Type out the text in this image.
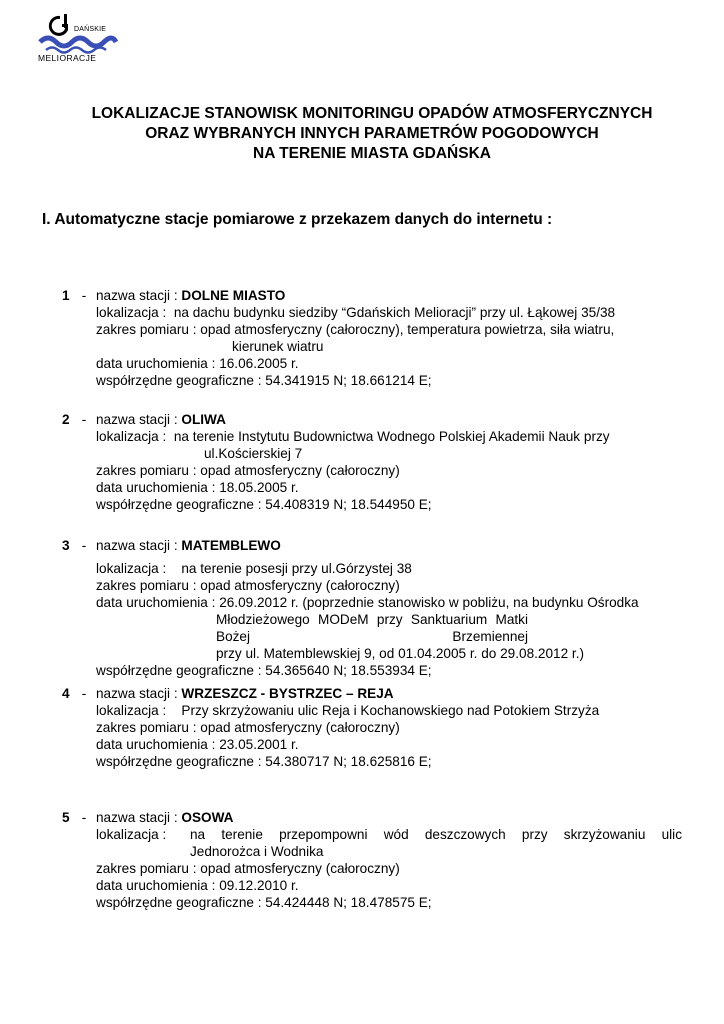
DAŃSKIE
MELIORACJE
LOKALIZACJE STANOWISK MONITORINGU OPADÓW ATMOSFERYCZNYCH
ORAZ WYBRANYCH INNYCH PARAMETRÓW POGODOWYCH
NA TERENIE MIASTA GDAŃSKA
I. Automatyczne stacje pomiarowe z przekazem danych do internetu :
1 - nazwa stacji :
DOLNE MIASTO
lokalizacja : na dachu budynku siedziby “Gdańskich Melioracji” przy ul. Łąkowej 35/38
zakres pomiaru : opad atmosferyczny (całoroczny), temperatura powietrza, siła wiatru,
kierunek wiatru
data uruchomienia : 16.06.2005 r.
współrzędne geograficzne : 54.341915 N; 18.661214 E;
2 - nazwa stacji :
OLIWA
lokalizacja : na terenie Instytutu Budownictwa Wodnego Polskiej Akademii Nauk przy
ul.Kościerskiej 7
zakres pomiaru : opad atmosferyczny (całoroczny)
data uruchomienia : 18.05.2005 r.
współrzędne geograficzne : 54.408319 N; 18.544950 E;
3 - nazwa stacji :
MATEMBLEWO
lokalizacja : na terenie posesji przy ul.Górzystej 38
zakres pomiaru : opad atmosferyczny (całoroczny)
data uruchomienia : 26.09.2012 r. (poprzednie stanowisko w pobliżu, na budynku Ośrodka
Młodzieżowego MODeM przy Sanktuarium Matki Bożej Brzemiennej
przy ul. Matemblewskiej 9, od 01.04.2005 r. do 29.08.2012 r.)
współrzędne geograficzne : 54.365640 N; 18.553934 E;
4 - nazwa stacji :
WRZESZCZ - BYSTRZEC – REJA
lokalizacja : Przy skrzyżowaniu ulic Reja i Kochanowskiego nad Potokiem Strzyża
zakres pomiaru : opad atmosferyczny (całoroczny)
data uruchomienia : 23.05.2001 r.
współrzędne geograficzne : 54.380717 N; 18.625816 E;
5 - nazwa stacji :
OSOWA
lokalizacja :	na terenie przepompowni wód deszczowych przy skrzyżowaniu ulic
Jednorożca i Wodnika
zakres pomiaru : opad atmosferyczny (całoroczny)
data uruchomienia : 09.12.2010 r.
współrzędne geograficzne : 54.424448 N; 18.478575 E;
